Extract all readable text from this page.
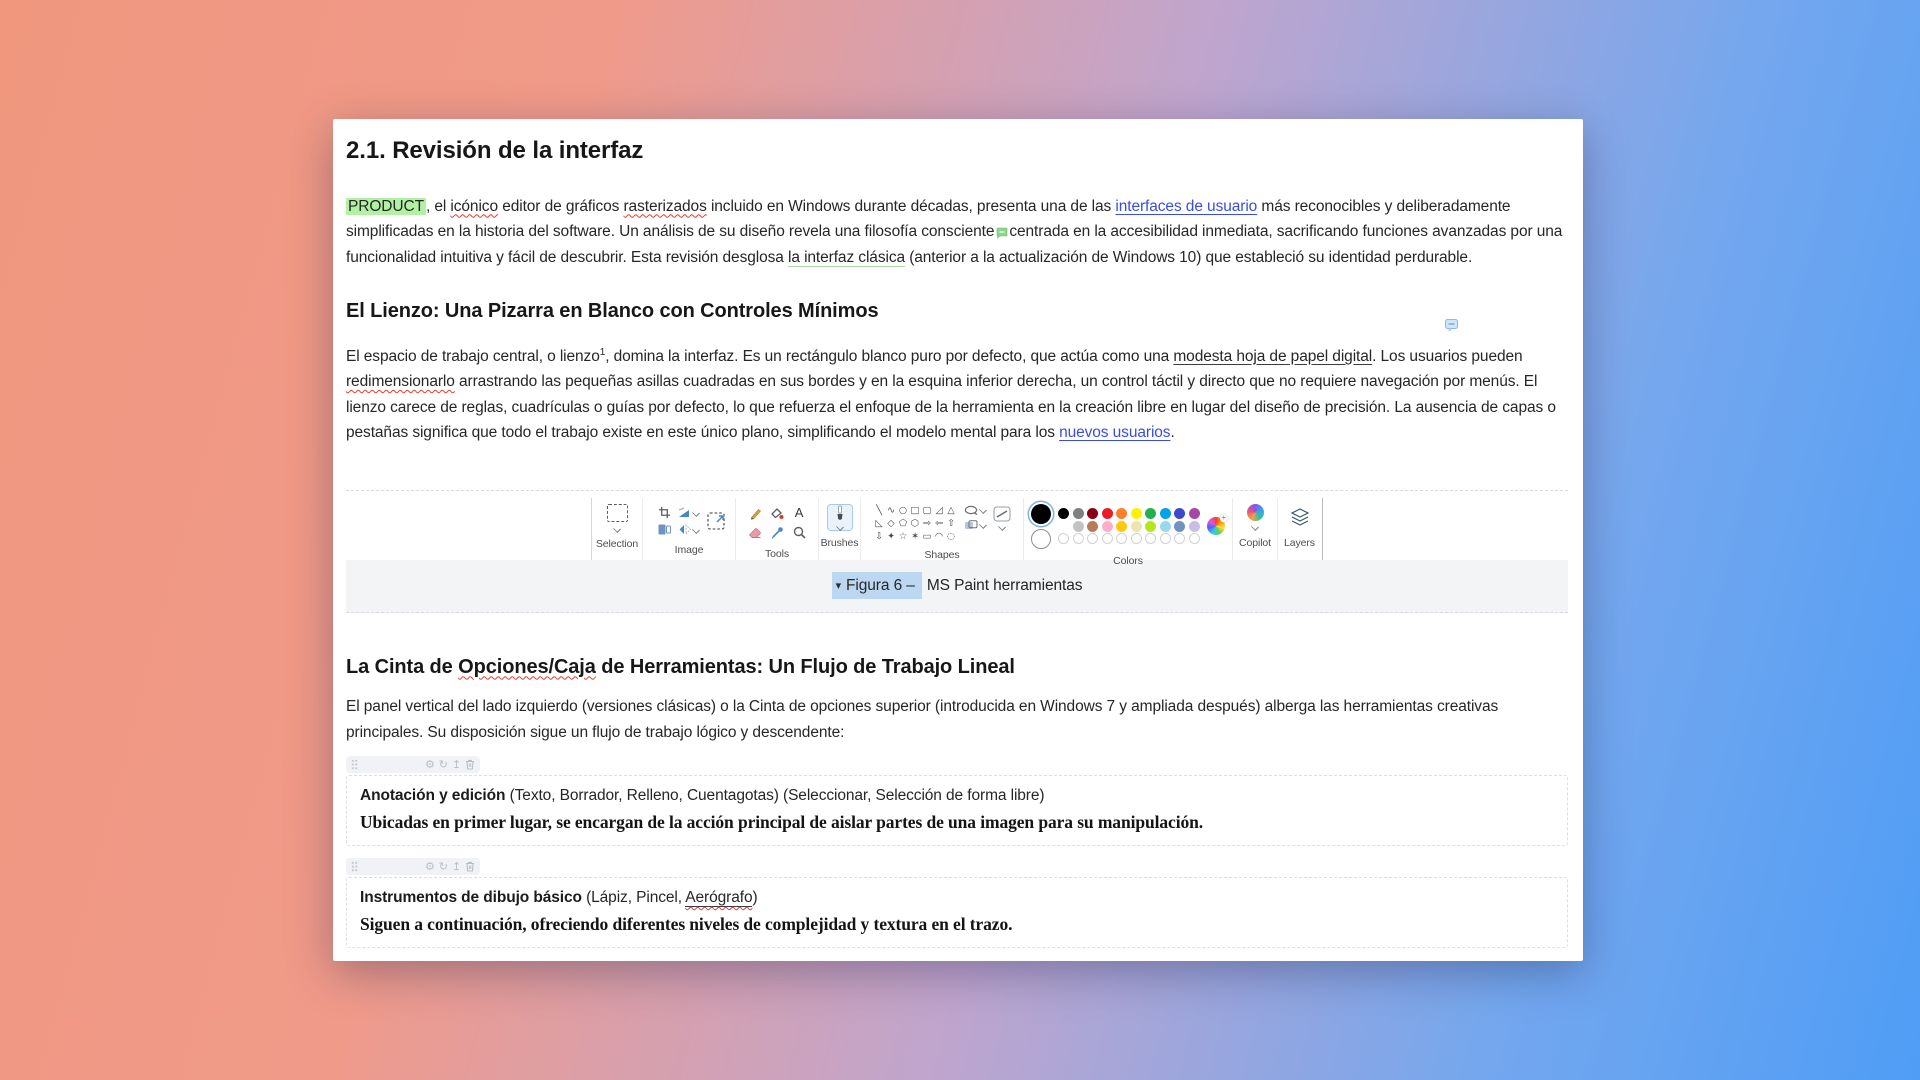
2.1. Revisión de la interfaz

PRODUCT , el icónico editor de gráficos rasterizados incluido en Windows durante décadas, presenta una de las interfaces de usuario más reconocibles y deliberadamente simplificadas en la historia del software. Un análisis de su diseño revela una filosofía consciente centrada en la accesibilidad inmediata, sacrificando funciones avanzadas por una funcionalidad intuitiva y fácil de descubrir. Esta revisión desglosa la interfaz clásica (anterior a la actualización de Windows 10) que estableció su identidad perdurable.

El Lienzo: Una Pizarra en Blanco con Controles Mínimos

El espacio de trabajo central, o lienzo$^1$, domina la interfaz. Es un rectángulo blanco puro por defecto, que actúa como una modesta hoja de papel digital. Los usuarios pueden redimensionarlo arrastrando las pequeñas asillas cuadradas en sus bordes y en la esquina inferior derecha, un control táctil y directo que no requiere navegación por menús. El lienzo carece de reglas, cuadrículas o guías por defecto, lo que refuerza el enfoque de la herramienta en la creación libre en lugar del diseño de precisión. La ausencia de capas o pestañas significa que todo el trabajo existe en este único plano, simplificando el modelo mental para los nuevos usuarios.

Selection	Image
A
Tools
Brushes
╲ ∿ ○ □ ▢ ◿ △
◺ ◇ ⬠ ⬡ ⇨ ⇦ ⇧
⇩ ✦ ☆ ✶ ▭ ◠ ◌
Shapes
+
Colors
Copilot Layers
▾ Figura 6 – MS Paint herramientas
La Cinta de Opciones/Caja de Herramientas: Un Flujo de Trabajo Lineal

El panel vertical del lado izquierdo (versiones clásicas) o la Cinta de opciones superior (introducida en Windows 7 y ampliada después) alberga las herramientas creativas principales. Su disposición sigue un flujo de trabajo lógico y descendente:

⚙ ↻ ↥
Anotación y edición (Texto, Borrador, Relleno, Cuentagotas) (Seleccionar, Selección de forma libre)
Ubicadas en primer lugar, se encargan de la acción principal de aislar partes de una imagen para su manipulación.
⚙ ↻ ↥
Instrumentos de dibujo básico (Lápiz, Pincel, Aerógrafo)
Siguen a continuación, ofreciendo diferentes niveles de complejidad y textura en el trazo.
